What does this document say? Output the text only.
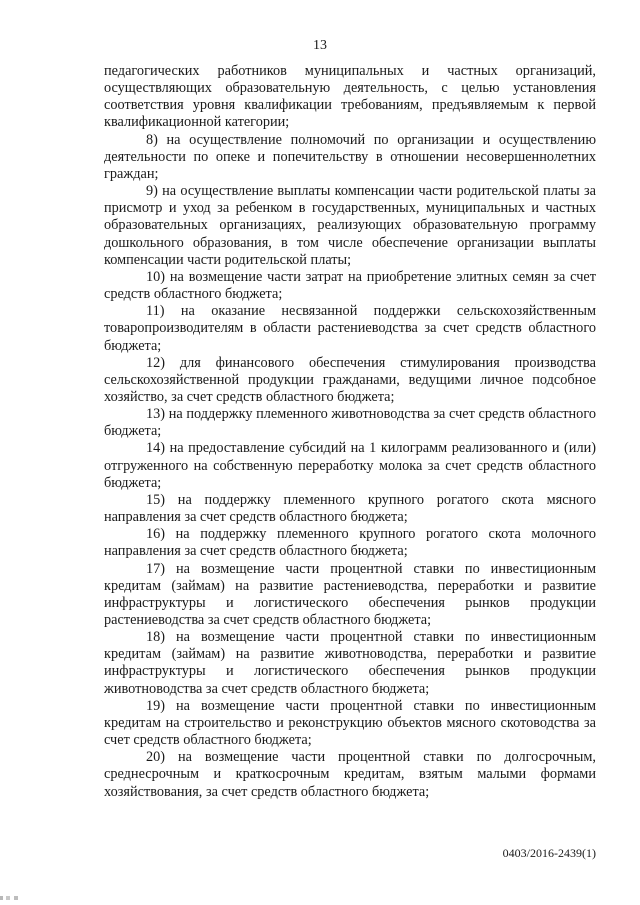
13

педагогических работников муниципальных и частных организаций, осуществляющих образовательную деятельность, с целью установления соответствия уровня квалификации требованиям, предъявляемым к первой квалификационной категории;

8) на осуществление полномочий по организации и осуществлению деятельности по опеке и попечительству в отношении несовершеннолетних граждан;

9) на осуществление выплаты компенсации части родительской платы за присмотр и уход за ребенком в государственных, муниципальных и частных образовательных организациях, реализующих образовательную программу дошкольного образования, в том числе обеспечение организации выплаты компенсации части родительской платы;

10) на возмещение части затрат на приобретение элитных семян за счет средств областного бюджета;

11) на оказание несвязанной поддержки сельскохозяйственным товаропроизводителям в области растениеводства за счет средств областного бюджета;

12) для финансового обеспечения стимулирования производства сельскохозяйственной продукции гражданами, ведущими личное подсобное хозяйство, за счет средств областного бюджета;

13) на поддержку племенного животноводства за счет средств областного бюджета;

14) на предоставление субсидий на 1 килограмм реализованного и (или) отгруженного на собственную переработку молока за счет средств областного бюджета;

15) на поддержку племенного крупного рогатого скота мясного направления за счет средств областного бюджета;

16) на поддержку племенного крупного рогатого скота молочного направления за счет средств областного бюджета;

17) на возмещение части процентной ставки по инвестиционным кредитам (займам) на развитие растениеводства, переработки и развитие инфраструктуры и логистического обеспечения рынков продукции растениеводства за счет средств областного бюджета;

18) на возмещение части процентной ставки по инвестиционным кредитам (займам) на развитие животноводства, переработки и развитие инфраструктуры и логистического обеспечения рынков продукции животноводства за счет средств областного бюджета;

19) на возмещение части процентной ставки по инвестиционным кредитам на строительство и реконструкцию объектов мясного скотоводства за счет средств областного бюджета;

20) на возмещение части процентной ставки по долгосрочным, среднесрочным и краткосрочным кредитам, взятым малыми формами хозяйствования, за счет средств областного бюджета;

0403/2016-2439(1)
